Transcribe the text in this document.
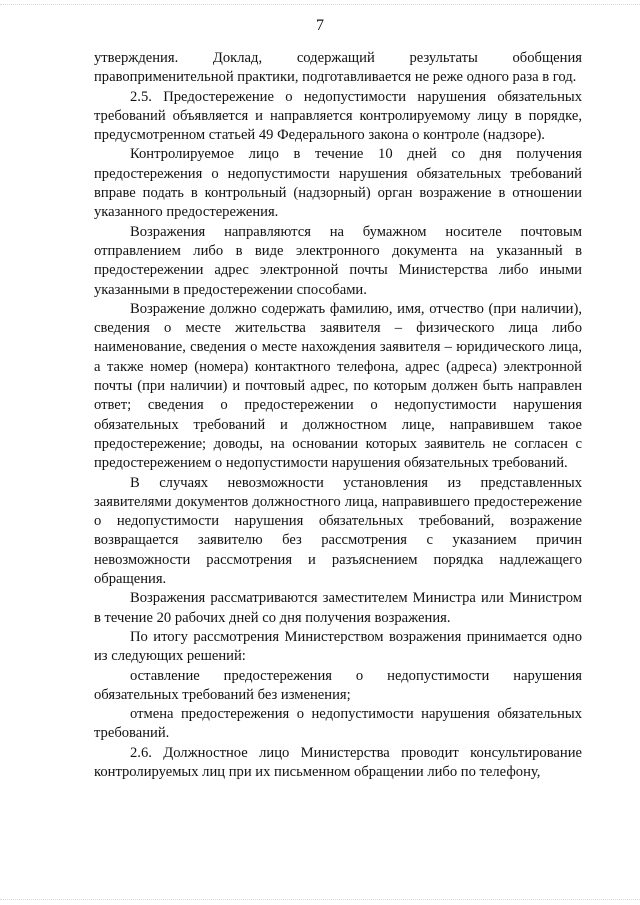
7

утверждения. Доклад, содержащий результаты обобщения правоприменительной практики, подготавливается не реже одного раза в год.

2.5. Предостережение о недопустимости нарушения обязательных требований объявляется и направляется контролируемому лицу в порядке, предусмотренном статьей 49 Федерального закона о контроле (надзоре).

Контролируемое лицо в течение 10 дней со дня получения предостережения о недопустимости нарушения обязательных требований вправе подать в контрольный (надзорный) орган возражение в отношении указанного предостережения.

Возражения направляются на бумажном носителе почтовым отправлением либо в виде электронного документа на указанный в предостережении адрес электронной почты Министерства либо иными указанными в предостережении способами.

Возражение должно содержать фамилию, имя, отчество (при наличии), сведения о месте жительства заявителя – физического лица либо наименование, сведения о месте нахождения заявителя – юридического лица, а также номер (номера) контактного телефона, адрес (адреса) электронной почты (при наличии) и почтовый адрес, по которым должен быть направлен ответ; сведения о предостережении о недопустимости нарушения обязательных требований и должностном лице, направившем такое предостережение; доводы, на основании которых заявитель не согласен с предостережением о недопустимости нарушения обязательных требований.

В случаях невозможности установления из представленных заявителями документов должностного лица, направившего предостережение о недопустимости нарушения обязательных требований, возражение возвращается заявителю без рассмотрения с указанием причин невозможности рассмотрения и разъяснением порядка надлежащего обращения.

Возражения рассматриваются заместителем Министра или Министром в течение 20 рабочих дней со дня получения возражения.

По итогу рассмотрения Министерством возражения принимается одно из следующих решений:

оставление предостережения о недопустимости нарушения обязательных требований без изменения;

отмена предостережения о недопустимости нарушения обязательных требований.

2.6. Должностное лицо Министерства проводит консультирование контролируемых лиц при их письменном обращении либо по телефону,
